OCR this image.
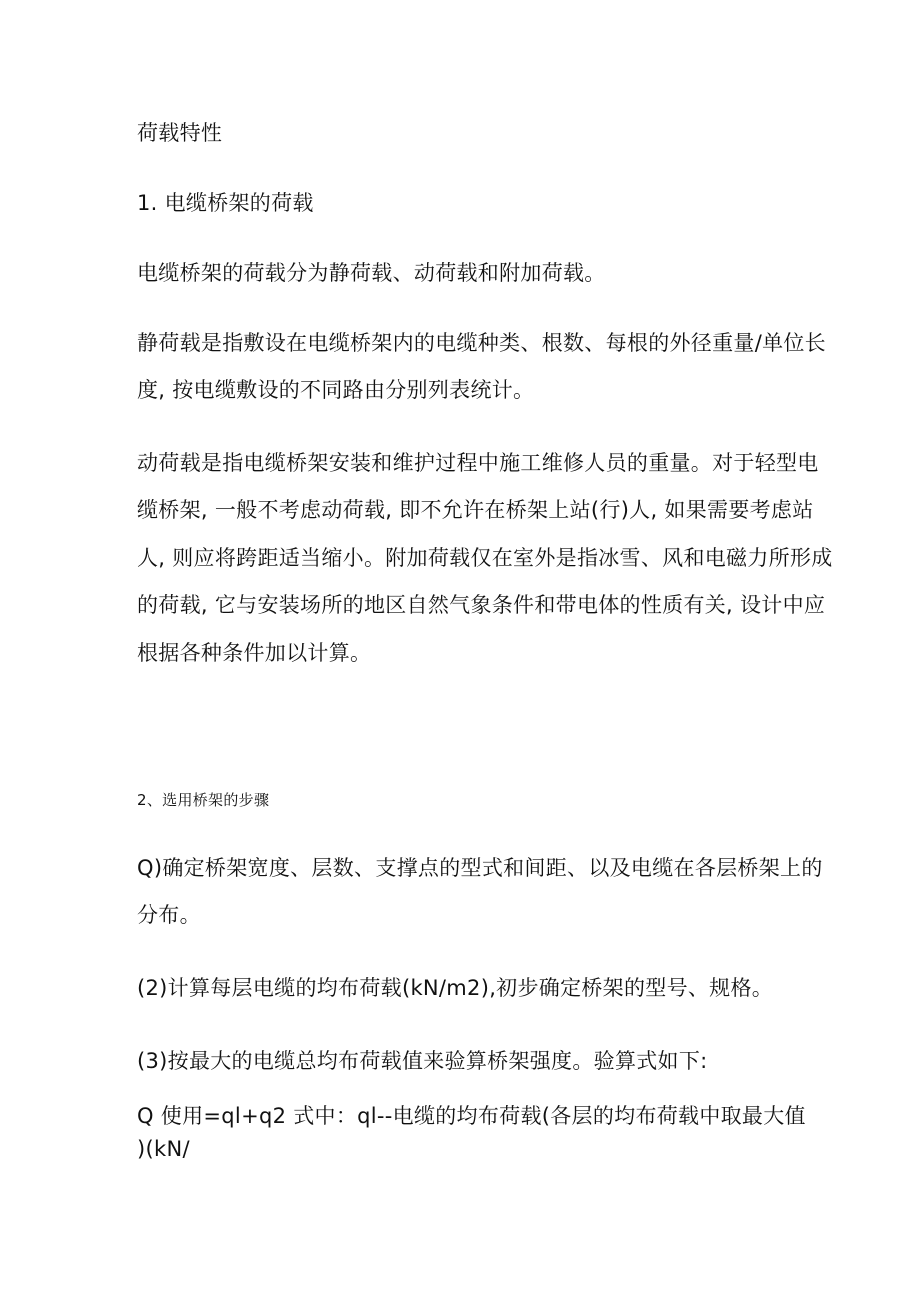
荷载特性
1. 电缆桥架的荷载
电缆桥架的荷载分为静荷载、动荷载和附加荷载。
静荷载是指敷设在电缆桥架内的电缆种类、根数、每根的外径重量/单位长
度, 按电缆敷设的不同路由分别列表统计。
动荷载是指电缆桥架安装和维护过程中施工维修人员的重量。对于轻型电
缆桥架, 一般不考虑动荷载, 即不允许在桥架上站(行)人, 如果需要考虑站
人, 则应将跨距适当缩小。附加荷载仅在室外是指冰雪、风和电磁力所形成
的荷载, 它与安装场所的地区自然气象条件和带电体的性质有关, 设计中应
根据各种条件加以计算。
2、选用桥架的步骤
Q)确定桥架宽度、层数、支撑点的型式和间距、以及电缆在各层桥架上的
分布。
(2)计算每层电缆的均布荷载(kN/m2),初步确定桥架的型号、规格。
(3)按最大的电缆总均布荷载值来验算桥架强度。验算式如下:
Q 使用=ql+q2 式中：ql--电缆的均布荷载(各层的均布荷载中取最大值
)(kN/
